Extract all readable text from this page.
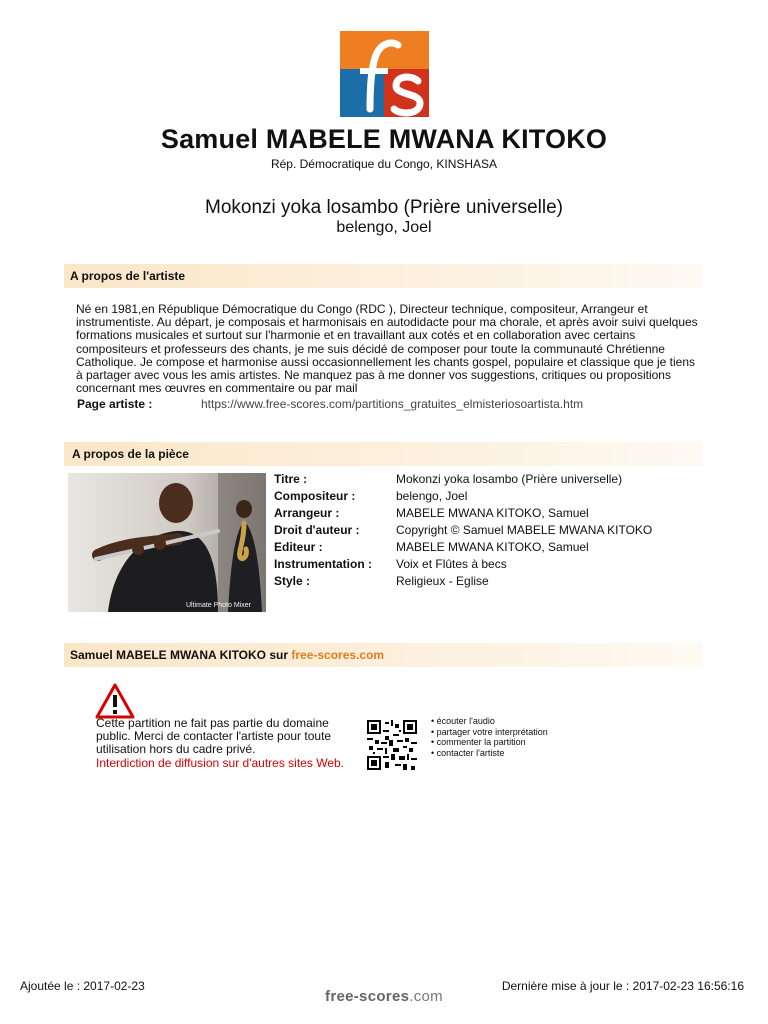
Samuel MABELE MWANA KITOKO
Rép. Démocratique du Congo, KINSHASA
Mokonzi yoka losambo (Prière universelle)
belengo, Joel
A propos de l'artiste
Né en 1981,en République Démocratique du Congo (RDC ), Directeur technique, compositeur, Arrangeur et instrumentiste. Au départ, je composais et harmonisais en autodidacte pour ma chorale, et après avoir suivi quelques formations musicales et surtout sur l'harmonie et en travaillant aux cotés et en collaboration avec certains compositeurs et professeurs des chants, je me suis décidé de composer pour toute la communauté Chrétienne Catholique. Je compose et harmonise aussi occasionnellement les chants gospel, populaire et classique que je tiens à partager avec vous les amis artistes. Ne manquez pas à me donner vos suggestions, critiques ou propositions concernant mes œuvres en commentaire ou par mail
Page artiste :	https://www.free-scores.com/partitions_gratuites_elmisteriosoartista.htm
A propos de la pièce
Ultimate Photo Mixer
Titre :	Mokonzi yoka losambo (Prière universelle)
Compositeur :	belengo, Joel
Arrangeur :	MABELE MWANA KITOKO, Samuel
Droit d'auteur :	Copyright © Samuel MABELE MWANA KITOKO
Editeur :	MABELE MWANA KITOKO, Samuel
Instrumentation : Voix et Flûtes à becs
Style :	Religieux - Eglise
Samuel MABELE MWANA KITOKO sur free-scores.com
Cette partition ne fait pas partie du domaine public. Merci de contacter l'artiste pour toute utilisation hors du cadre privé.
Interdiction de diffusion sur d'autres sites Web.
• écouter l'audio
• partager votre interprétation
• commenter la partition
• contacter l'artiste
Ajoutée le : 2017-02-23	Dernière mise à jour le : 2017-02-23 16:56:16
free-scores.com
